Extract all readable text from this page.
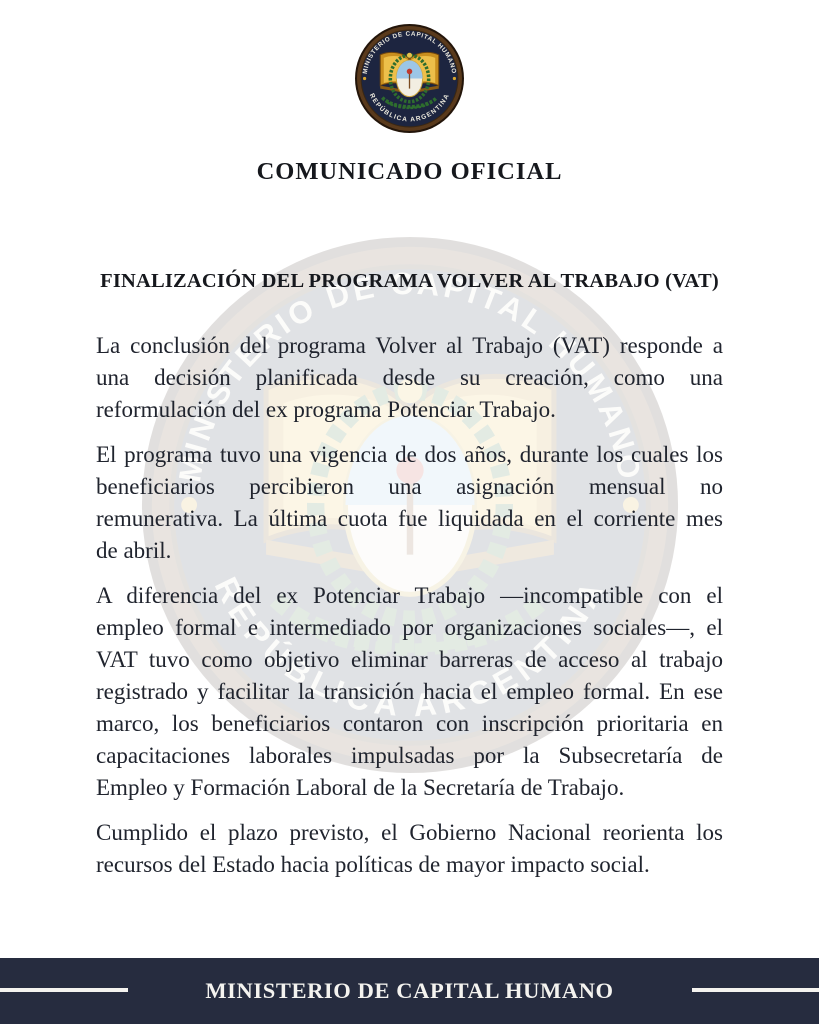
COMUNICADO OFICIAL
FINALIZACIÓN DEL PROGRAMA VOLVER AL TRABAJO (VAT)
La conclusión del programa Volver al Trabajo (VAT) responde a
una decisión planificada desde su creación, como una
reformulación del ex programa Potenciar Trabajo.
El programa tuvo una vigencia de dos años, durante los cuales los
beneficiarios percibieron una asignación mensual no
remunerativa. La última cuota fue liquidada en el corriente mes
de abril.
A diferencia del ex Potenciar Trabajo —incompatible con el
empleo formal e intermediado por organizaciones sociales—, el
VAT tuvo como objetivo eliminar barreras de acceso al trabajo
registrado y facilitar la transición hacia el empleo formal. En ese
marco, los beneficiarios contaron con inscripción prioritaria en
capacitaciones laborales impulsadas por la Subsecretaría de
Empleo y Formación Laboral de la Secretaría de Trabajo.
Cumplido el plazo previsto, el Gobierno Nacional reorienta los
recursos del Estado hacia políticas de mayor impacto social.
MINISTERIO DE CAPITAL HUMANO
